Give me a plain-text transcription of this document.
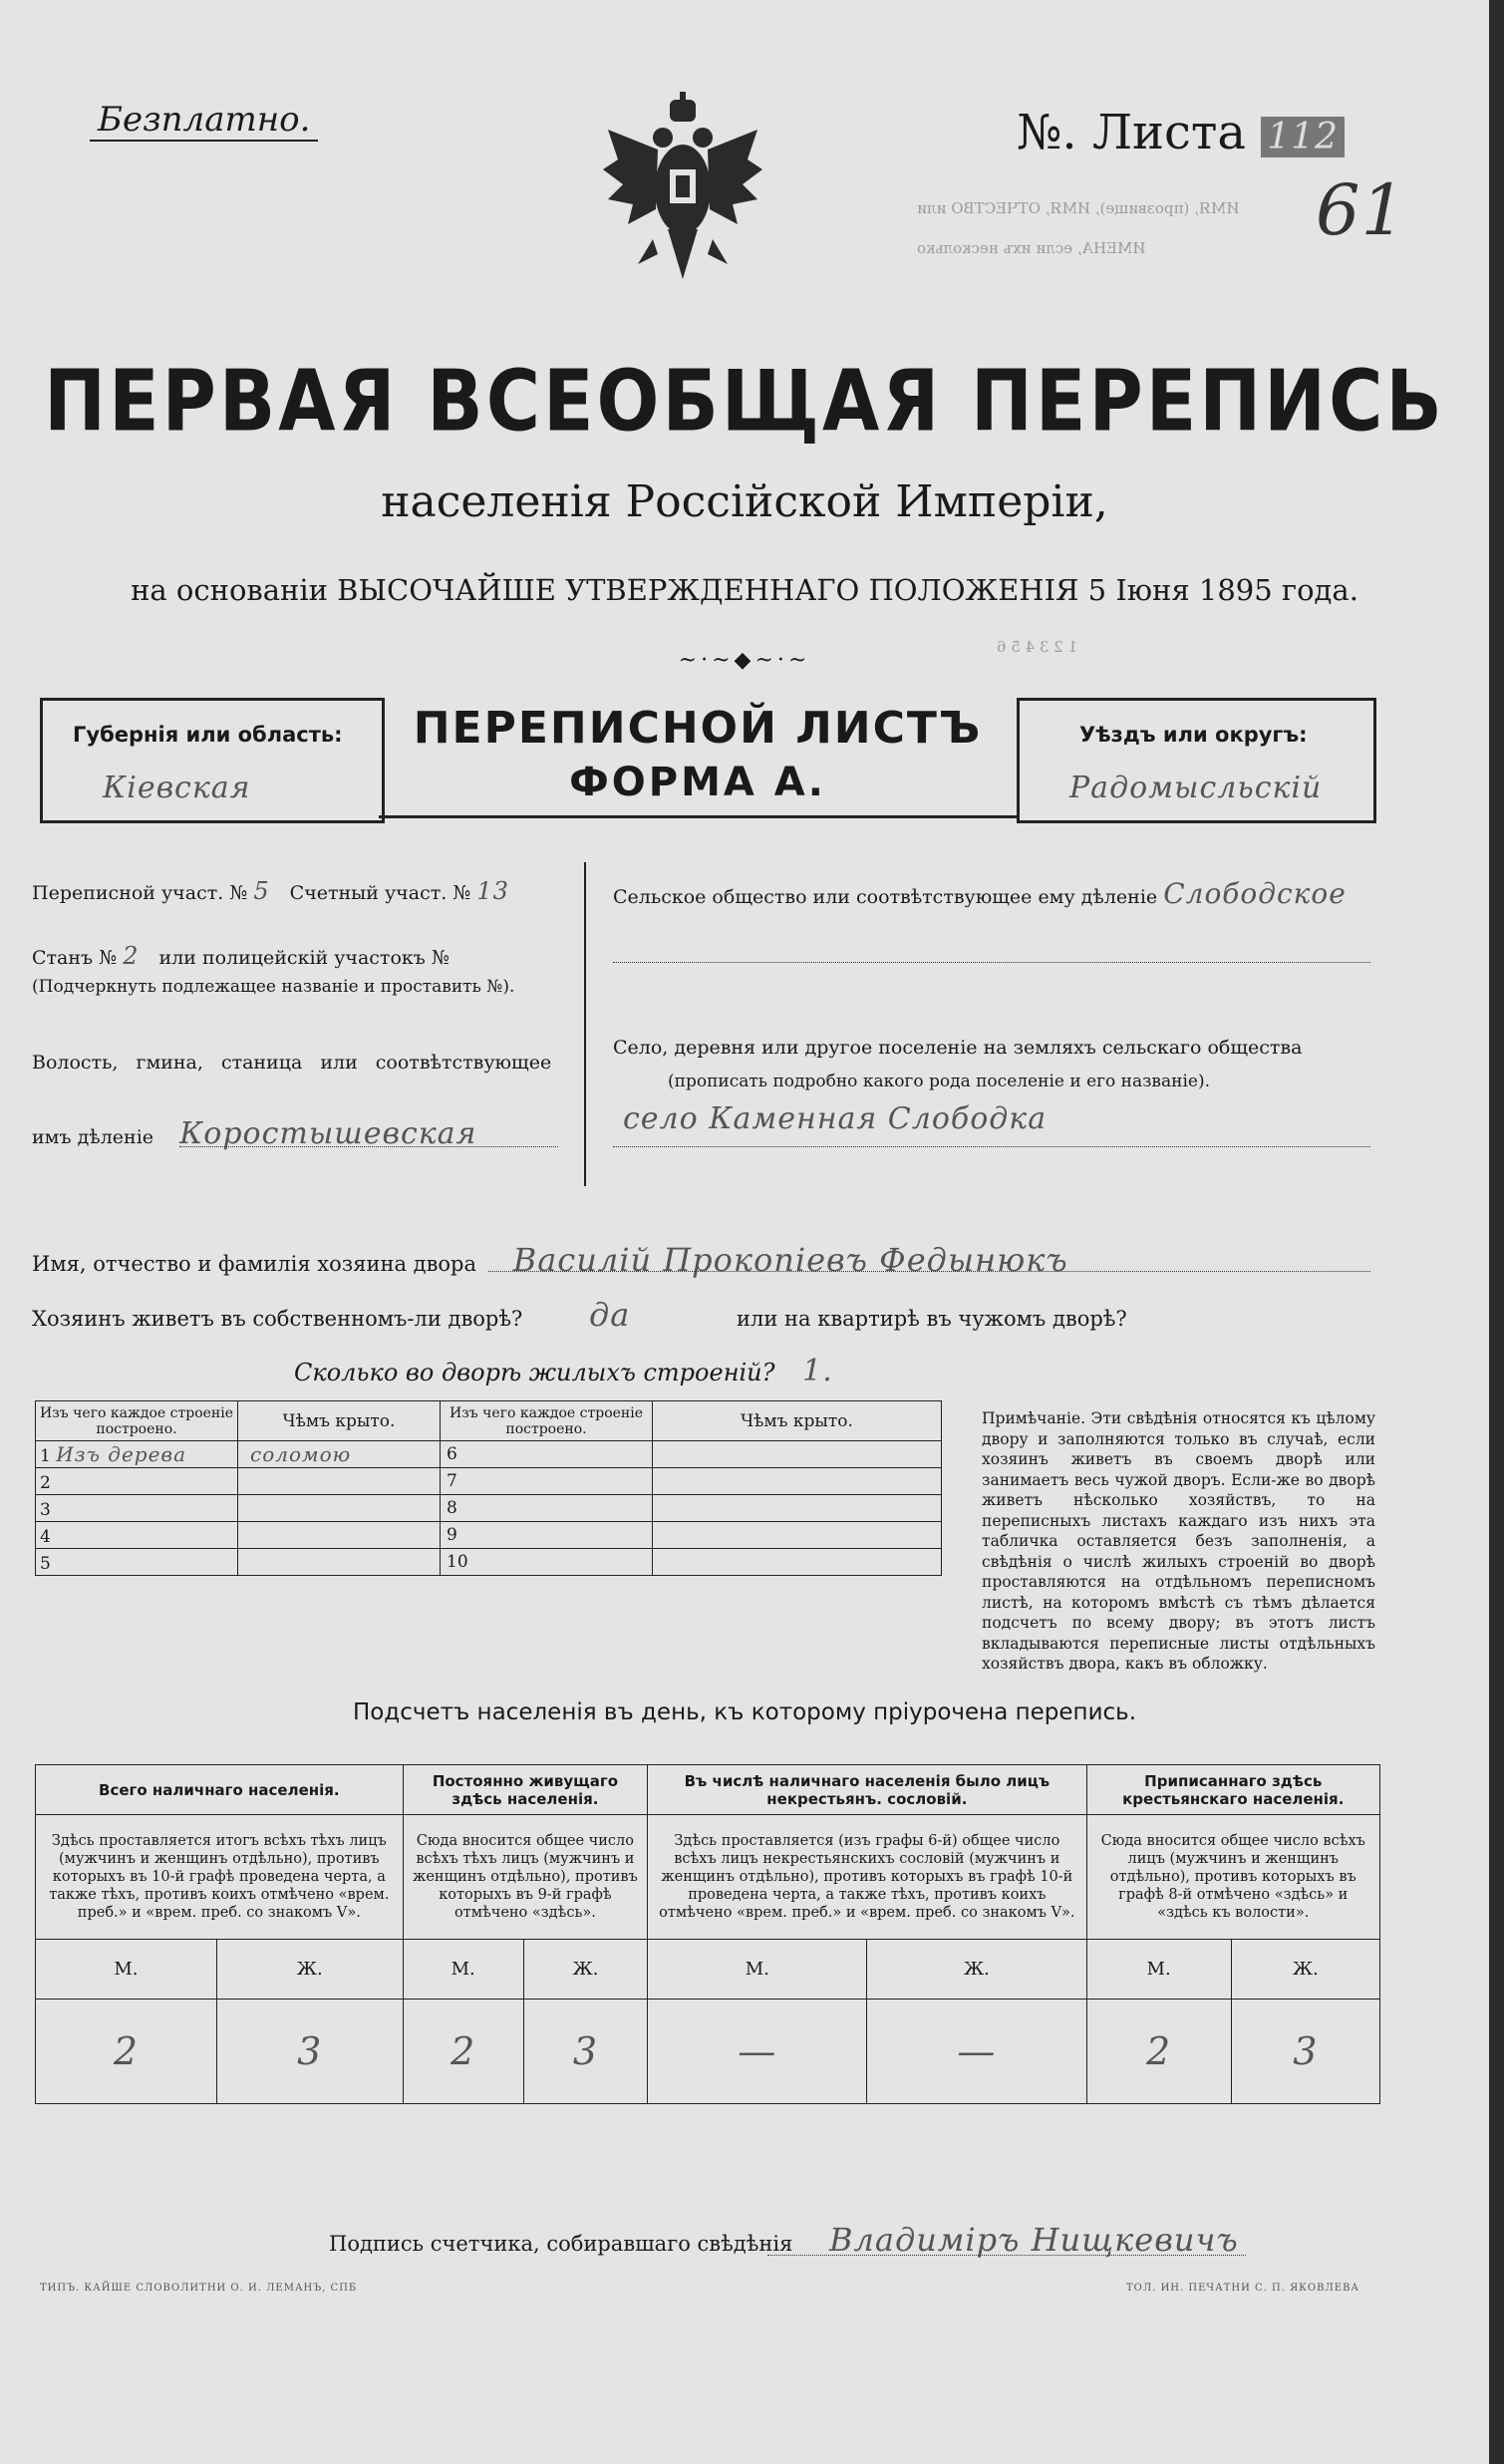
ИМЯ, (прозвище), ИМЯ, ОТЧЕСТВО или
ИМЕНА, если ихъ несколько
1 2 3 4 5 6
Безплатно.	№. Листа 112
61
ПЕРВАЯ ВСЕОБЩАЯ ПЕРЕПИСЬ
населенія Россійской Имперіи,
на основаніи ВЫСОЧАЙШЕ УТВЕРЖДЕННАГО ПОЛОЖЕНІЯ 5 Іюня 1895 года.
~·~◆~·~
Губернія или область:
Кіевская
ПЕРЕПИСНОЙ ЛИСТЪ
ФОРМА А.
Уѣздъ или округъ:
Радомысльскій
Переписной участ. № 5 Счетный участ. № 13
Станъ № 2 или полицейскій участокъ №
(Подчеркнуть подлежащее названіе и проставить №).
Волость, гмина, станица или соотвѣтствующее
имъ дѣленіе Коростышевская
Сельское общество или соотвѣтствующее ему дѣленіе Слободское
Село, деревня или другое поселеніе на земляхъ сельскаго общества
(прописать подробно какого рода поселеніе и его названіе).
село Каменная Слободка
Имя, отчество и фамилія хозяина двора Василій Прокопіевъ Федынюкъ
Хозяинъ живетъ въ собственномъ-ли дворѣ? да	или на квартирѣ въ чужомъ дворѣ?
Сколько во дворѣ жилыхъ строеній? 1.
Изъ чего каждое строеніе построено.	Чѣмъ крыто.	Изъ чего каждое строеніе построено.	Чѣмъ крыто.
1 Изъ дерева	соломою	6	
2		7	
3		8	
4		9	
5		10	
Примѣчаніе. Эти свѣдѣнія относятся къ цѣлому двору и заполняются только въ случаѣ, если хозяинъ живетъ въ своемъ дворѣ или занимаетъ весь чужой дворъ. Если-же во дворѣ живетъ нѣсколько хозяйствъ, то на переписныхъ листахъ каждаго изъ нихъ эта табличка оставляется безъ заполненія, а свѣдѣнія о числѣ жилыхъ строеній во дворѣ проставляются на отдѣльномъ переписномъ листѣ, на которомъ вмѣстѣ съ тѣмъ дѣлается подсчетъ по всему двору; въ этотъ листъ вкладываются переписные листы отдѣльныхъ хозяйствъ двора, какъ въ обложку.
Подсчетъ населенія въ день, къ которому пріурочена перепись.
Всего наличнаго населенія.		Постоянно живущаго здѣсь населенія.		Въ числѣ наличнаго населенія было лицъ некрестьянъ. сословій.		Приписаннаго здѣсь крестьянскаго населенія.	
Здѣсь проставляется итогъ всѣхъ тѣхъ лицъ (мужчинъ и женщинъ отдѣльно), противъ которыхъ въ 10-й графѣ проведена черта, а также тѣхъ, противъ коихъ отмѣчено «врем. преб.» и «врем. преб. со знакомъ V».		Сюда вносится общее число всѣхъ тѣхъ лицъ (мужчинъ и женщинъ отдѣльно), противъ которыхъ въ 9-й графѣ отмѣчено «здѣсь».		Здѣсь проставляется (изъ графы 6-й) общее число всѣхъ лицъ некрестьянскихъ сословій (мужчинъ и женщинъ отдѣльно), противъ которыхъ въ графѣ 10-й проведена черта, а также тѣхъ, противъ коихъ отмѣчено «врем. преб.» и «врем. преб. со знакомъ V».		Сюда вносится общее число всѣхъ лицъ (мужчинъ и женщинъ отдѣльно), противъ которыхъ въ графѣ 8-й отмѣчено «здѣсь» и «здѣсь къ волости».	
М.	Ж.	М.	Ж.	М.	Ж.	М.	Ж.
2	3	2	3	—	—	2	3
Подпись счетчика, собиравшаго свѣдѣнія Владиміръ Нищкевичъ
ТИПЪ. КАЙШЕ СЛОВОЛИТНИ О. И. ЛЕМАНЪ, СПБ	ТОЛ. ИН. ПЕЧАТНИ С. П. ЯКОВЛЕВА
